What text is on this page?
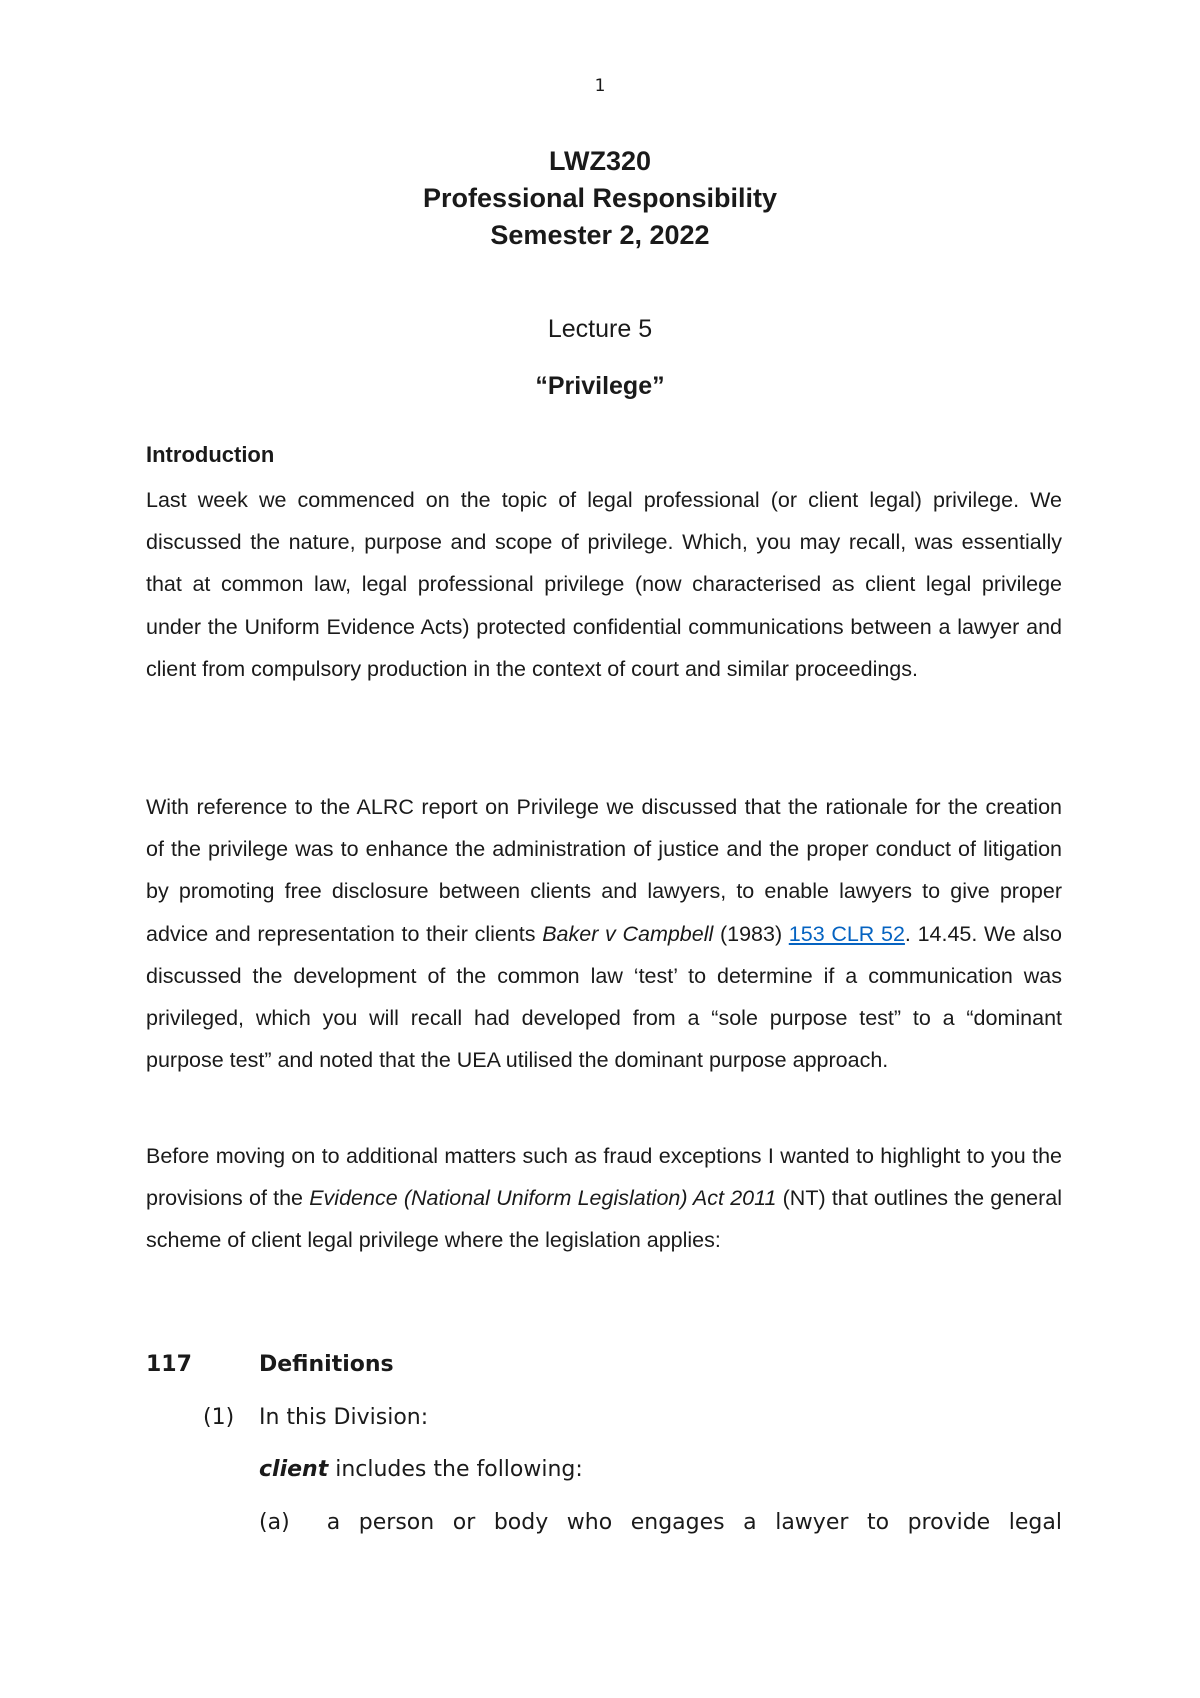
1
LWZ320
Professional Responsibility
Semester 2, 2022
Lecture 5
“Privilege”
Introduction

Last week we commenced on the topic of legal professional (or client legal) privilege. We discussed the nature, purpose and scope of privilege. Which, you may recall, was essentially that at common law, legal professional privilege (now characterised as client legal privilege under the Uniform Evidence Acts) protected confidential communications between a lawyer and client from compulsory production in the context of court and similar proceedings.

With reference to the ALRC report on Privilege we discussed that the rationale for the creation of the privilege was to enhance the administration of justice and the proper conduct of litigation by promoting free disclosure between clients and lawyers, to enable lawyers to give proper advice and representation to their clients Baker v Campbell (1983) 153 CLR 52. 14.45. We also discussed the development of the common law ‘test’ to determine if a communication was privileged, which you will recall had developed from a “sole purpose test” to a “dominant purpose test” and noted that the UEA utilised the dominant purpose approach.

Before moving on to additional matters such as fraud exceptions I wanted to highlight to you the provisions of the Evidence (National Uniform Legislation) Act 2011 (NT) that outlines the general scheme of client legal privilege where the legislation applies:

117	Definitions
(1) In this Division:
client includes the following:
(a) a person or body who engages a lawyer to provide legal
